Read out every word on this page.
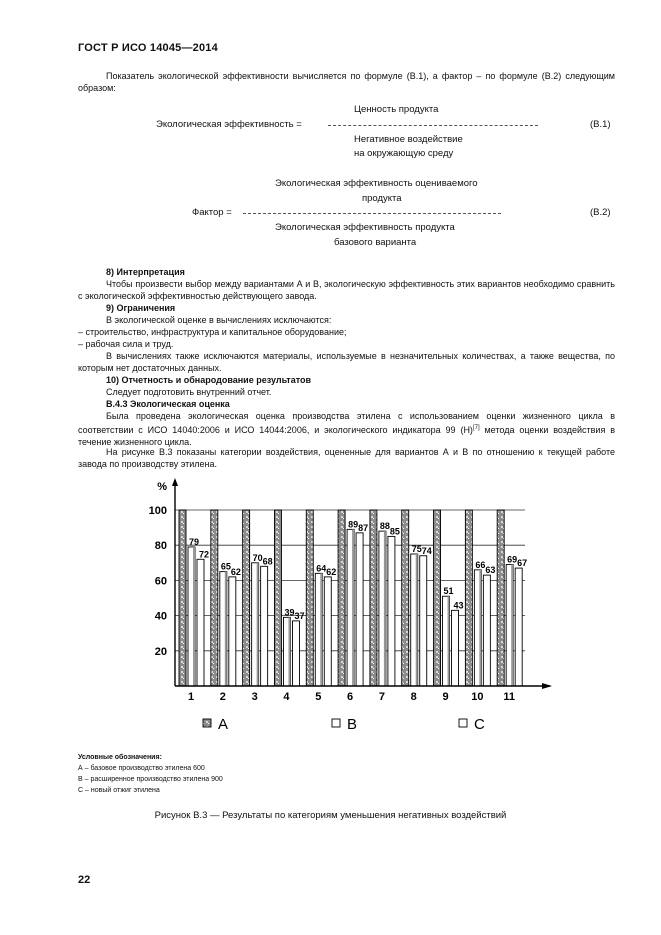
ГОСТ Р ИСО 14045—2014
Показатель экологической эффективности вычисляется по формуле (В.1), а фактор – по формуле (В.2) следующим образом:
Ценность продукта
Экологическая эффективность =	(В.1)
Негативное воздействие
на окружающую среду
Экологическая эффективность оцениваемого
продукта
Фактор =	(В.2)
Экологическая эффективность продукта
базового варианта
8) Интерпретация
Чтобы произвести выбор между вариантами А и В, экологическую эффективность этих вариантов необходимо сравнить с экологической эффективностью действующего завода.
9) Ограничения
В экологической оценке в вычислениях исключаются:
– строительство, инфраструктура и капитальное оборудование;
– рабочая сила и труд.
В вычислениях также исключаются материалы, используемые в незначительных количествах, а также вещества, по которым нет достаточных данных.
10) Отчетность и обнародование результатов
Следует подготовить внутренний отчет.
В.4.3 Экологическая оценка
Была проведена экологическая оценка производства этилена с использованием оценки жизненного цикла в соответствии с ИСО 14040:2006 и ИСО 14044:2006, и экологического индикатора 99 (H)[7] метода оценки воздействия в течение жизненного цикла.
На рисунке В.3 показаны категории воздействия, оцененные для вариантов А и В по отношению к текущей работе завода по производству этилена.
20
40
60
80
100
%
79
72
1
65
62
2
70 68
3
39 37
4
64 62
5
89 87
6
88
85
7
75 74
8
51
43
9
66
63
10
69 67
11
A	B	C
Условные обозначения:
А – базовое производство этилена 600
В – расширенное производство этилена 900
С – новый отжиг этилена
Рисунок В.3 — Результаты по категориям уменьшения негативных воздействий
22
